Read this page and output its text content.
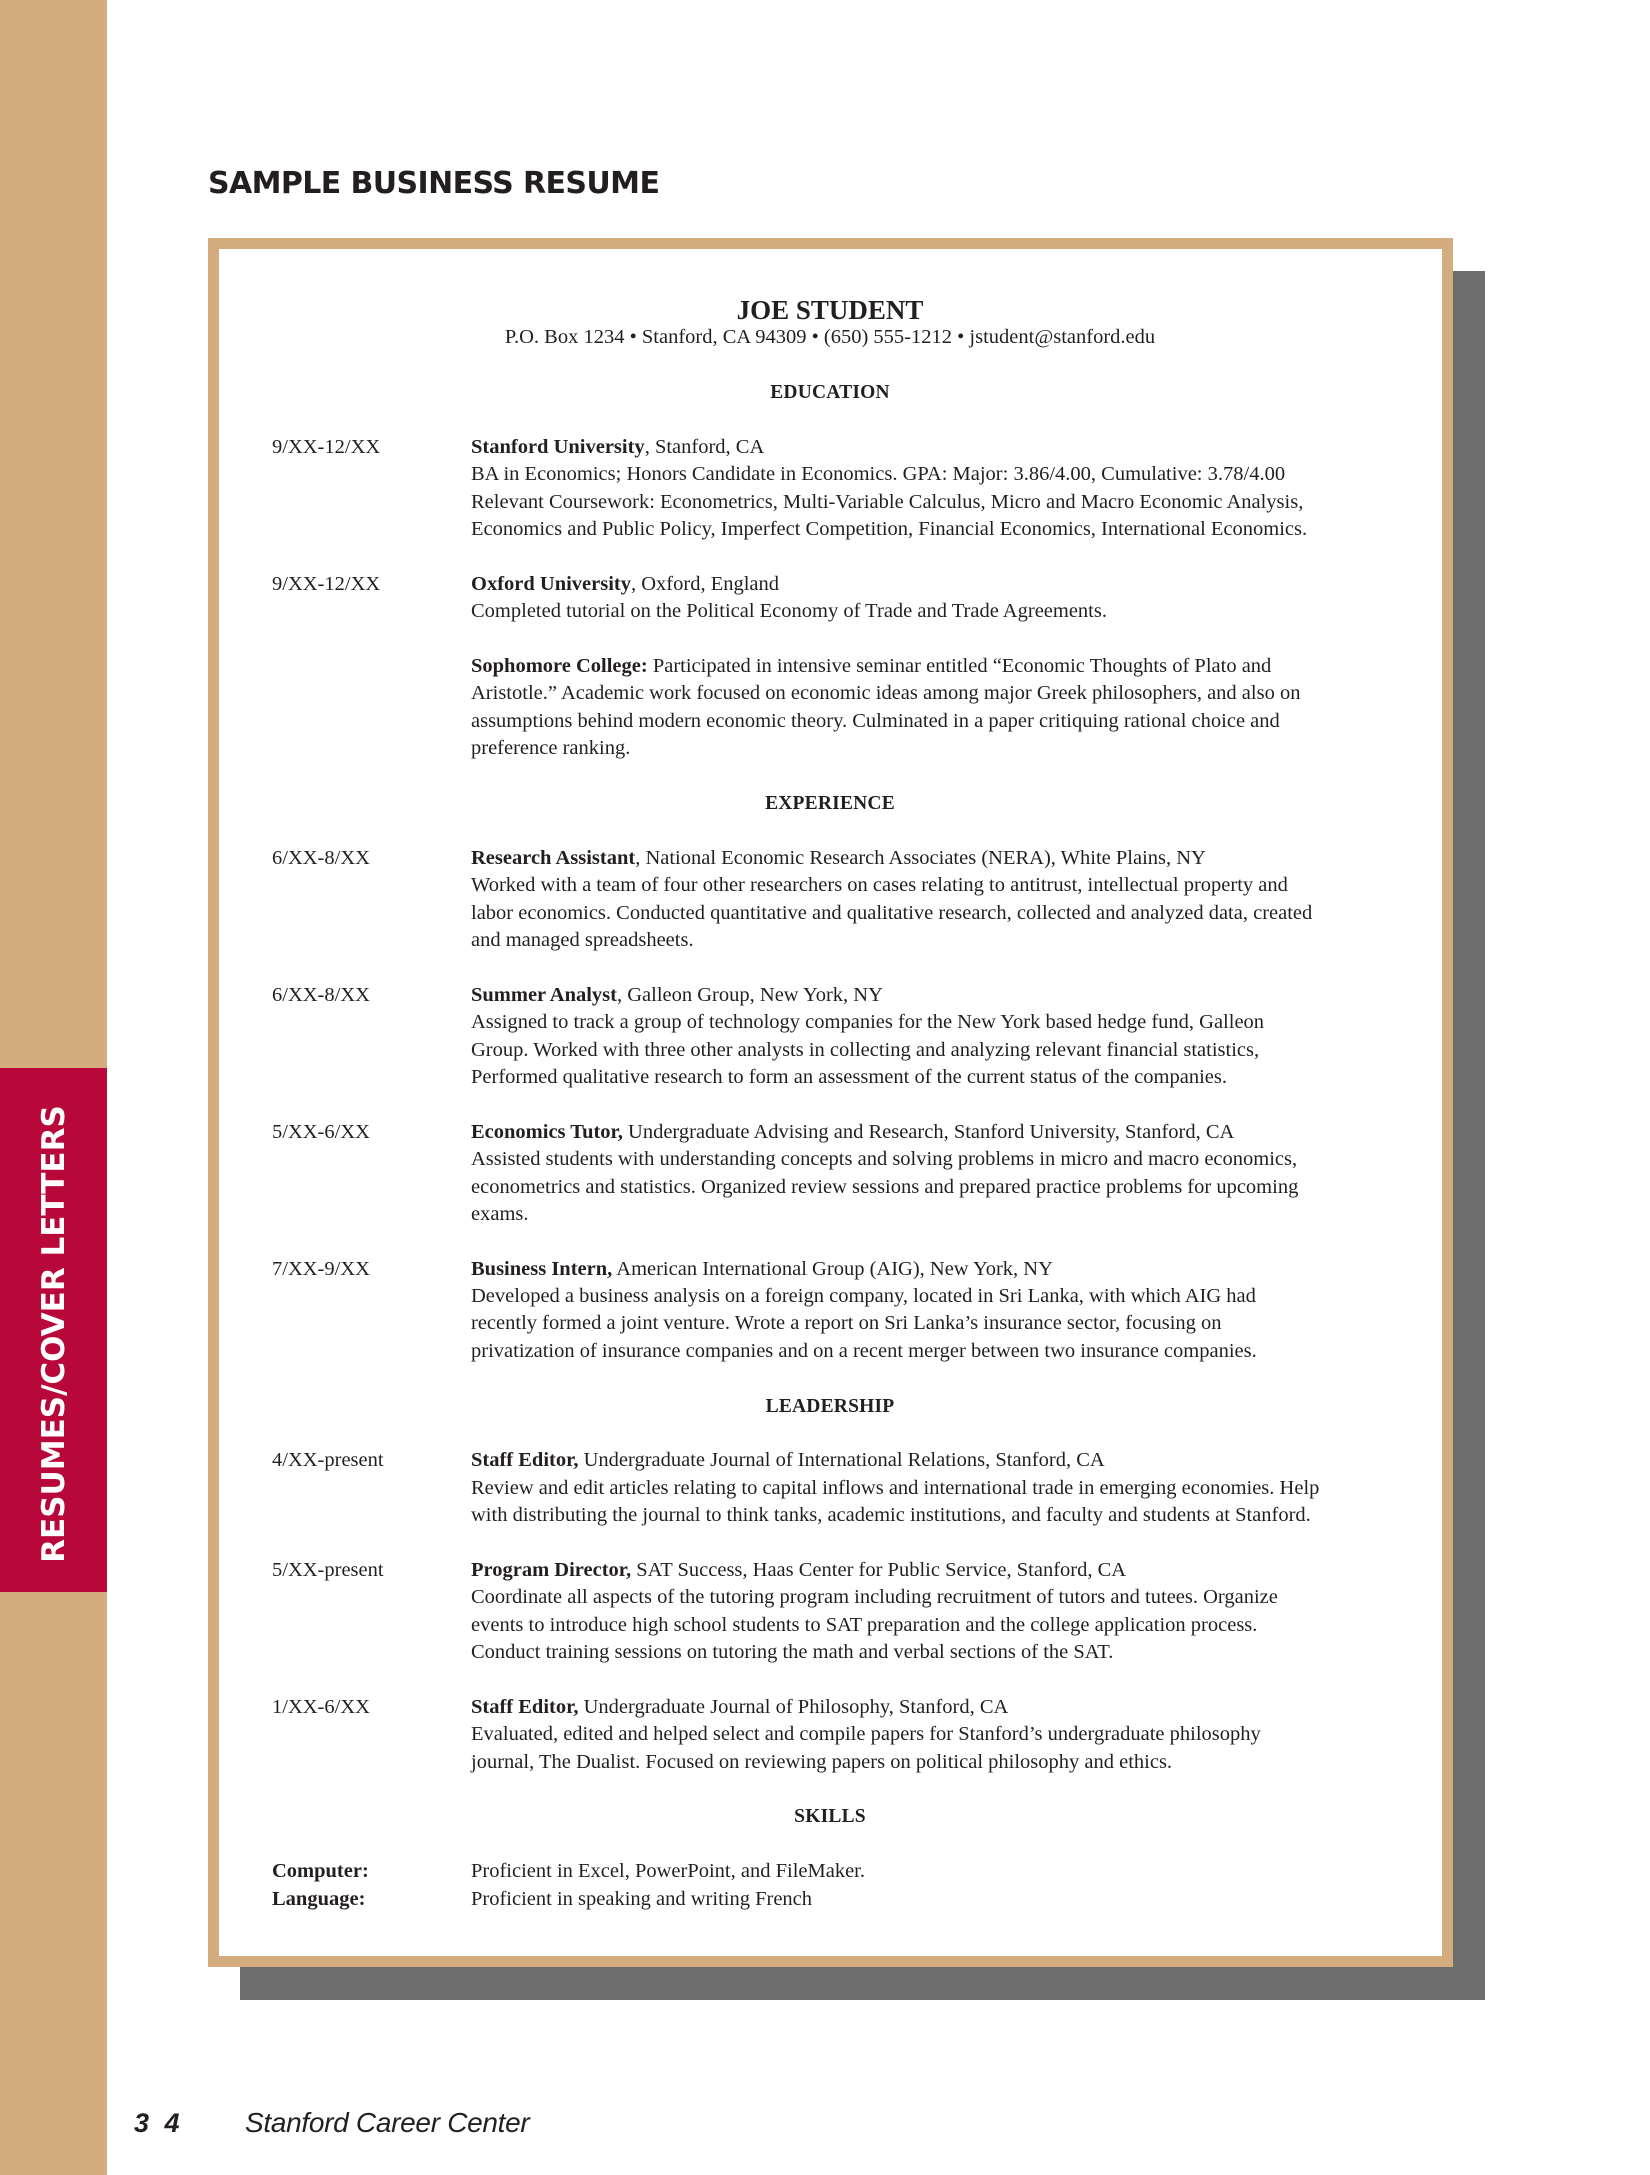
RESUMES/COVER LETTERS
SAMPLE BUSINESS RESUME
JOE STUDENT
P.O. Box 1234 • Stanford, CA 94309 • (650) 555-1212 • jstudent@stanford.edu
EDUCATION
9/XX-12/XX	Stanford University, Stanford, CA
BA in Economics; Honors Candidate in Economics. GPA: Major: 3.86/4.00, Cumulative: 3.78/4.00
Relevant Coursework: Econometrics, Multi-Variable Calculus, Micro and Macro Economic Analysis,
Economics and Public Policy, Imperfect Competition, Financial Economics, International Economics.
9/XX-12/XX	Oxford University, Oxford, England
Completed tutorial on the Political Economy of Trade and Trade Agreements.
Sophomore College: Participated in intensive seminar entitled “Economic Thoughts of Plato and
Aristotle.” Academic work focused on economic ideas among major Greek philosophers, and also on
assumptions behind modern economic theory. Culminated in a paper critiquing rational choice and
preference ranking.
EXPERIENCE
6/XX-8/XX	Research Assistant, National Economic Research Associates (NERA), White Plains, NY
Worked with a team of four other researchers on cases relating to antitrust, intellectual property and
labor economics. Conducted quantitative and qualitative research, collected and analyzed data, created
and managed spreadsheets.
6/XX-8/XX	Summer Analyst, Galleon Group, New York, NY
Assigned to track a group of technology companies for the New York based hedge fund, Galleon
Group. Worked with three other analysts in collecting and analyzing relevant financial statistics,
Performed qualitative research to form an assessment of the current status of the companies.
5/XX-6/XX	Economics Tutor, Undergraduate Advising and Research, Stanford University, Stanford, CA
Assisted students with understanding concepts and solving problems in micro and macro economics,
econometrics and statistics. Organized review sessions and prepared practice problems for upcoming
exams.
7/XX-9/XX	Business Intern, American International Group (AIG), New York, NY
Developed a business analysis on a foreign company, located in Sri Lanka, with which AIG had
recently formed a joint venture. Wrote a report on Sri Lanka’s insurance sector, focusing on
privatization of insurance companies and on a recent merger between two insurance companies.
LEADERSHIP
4/XX-present	Staff Editor, Undergraduate Journal of International Relations, Stanford, CA
Review and edit articles relating to capital inflows and international trade in emerging economies. Help
with distributing the journal to think tanks, academic institutions, and faculty and students at Stanford.
5/XX-present	Program Director, SAT Success, Haas Center for Public Service, Stanford, CA
Coordinate all aspects of the tutoring program including recruitment of tutors and tutees. Organize
events to introduce high school students to SAT preparation and the college application process.
Conduct training sessions on tutoring the math and verbal sections of the SAT.
1/XX-6/XX	Staff Editor, Undergraduate Journal of Philosophy, Stanford, CA
Evaluated, edited and helped select and compile papers for Stanford’s undergraduate philosophy
journal, The Dualist. Focused on reviewing papers on political philosophy and ethics.
SKILLS
Computer:	Proficient in Excel, PowerPoint, and FileMaker.
Language:	Proficient in speaking and writing French
3 4 Stanford Career Center
